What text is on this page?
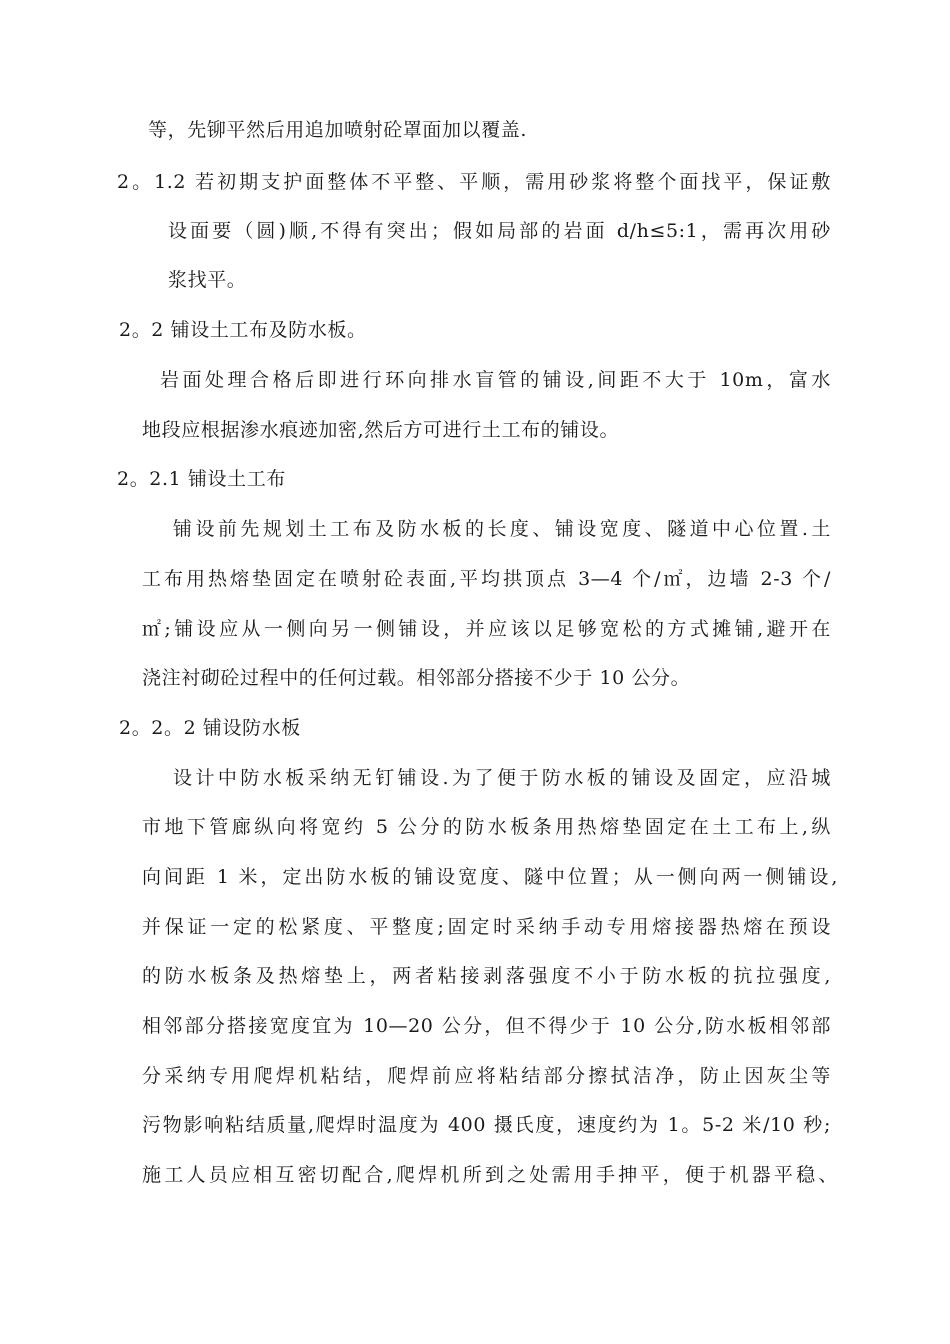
等，先铆平然后用追加喷射砼罩面加以覆盖.
2。1.2 若初期支护面整体不平整、平顺，需用砂浆将整个面找平，保证敷
设面要（圆)顺,不得有突出；假如局部的岩面 d/h≤5:1，需再次用砂
浆找平。
2。2 铺设土工布及防水板。
岩面处理合格后即进行环向排水盲管的铺设,间距不大于 10m，富水
地段应根据渗水痕迹加密,然后方可进行土工布的铺设。
2。2.1 铺设土工布
铺设前先规划土工布及防水板的长度、铺设宽度、隧道中心位置.土
工布用热熔垫固定在喷射砼表面,平均拱顶点 3—4 个/㎡，边墙 2-3 个/
㎡;铺设应从一侧向另一侧铺设，并应该以足够宽松的方式摊铺,避开在
浇注衬砌砼过程中的任何过载。相邻部分搭接不少于 10 公分。
2。2。2 铺设防水板
设计中防水板采纳无钉铺设.为了便于防水板的铺设及固定，应沿城
市地下管廊纵向将宽约 5 公分的防水板条用热熔垫固定在土工布上,纵
向间距 1 米，定出防水板的铺设宽度、隧中位置；从一侧向两一侧铺设,
并保证一定的松紧度、平整度;固定时采纳手动专用熔接器热熔在预设
的防水板条及热熔垫上，两者粘接剥落强度不小于防水板的抗拉强度,
相邻部分搭接宽度宜为 10—20 公分，但不得少于 10 公分,防水板相邻部
分采纳专用爬焊机粘结，爬焊前应将粘结部分擦拭洁净，防止因灰尘等
污物影响粘结质量,爬焊时温度为 400 摄氏度，速度约为 1。5-2 米/10 秒;
施工人员应相互密切配合,爬焊机所到之处需用手抻平，便于机器平稳、
